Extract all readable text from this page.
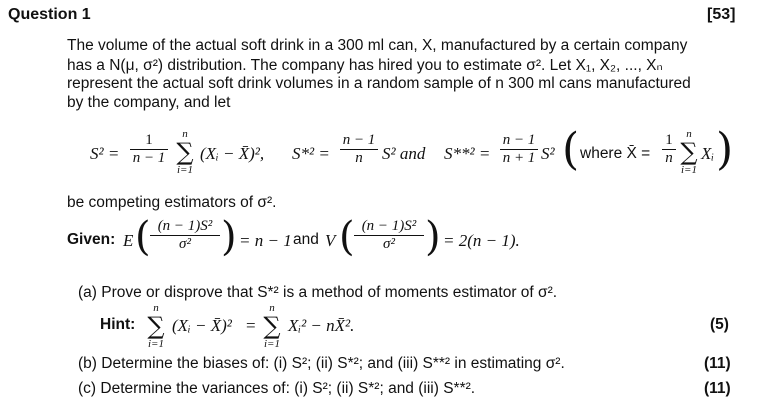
Question 1	[53]
The volume of the actual soft drink in a 300 ml can, X, manufactured by a certain company
has a N(μ, σ²) distribution. The company has hired you to estimate σ². Let X₁, X₂, ..., Xₙ
represent the actual soft drink volumes in a random sample of n 300 ml cans manufactured
by the company, and let
$S^2 = \frac{1}{n - 1}$	n
∑
i=1
(Xᵢ − X̄)², $S*^2 = \frac{n - 1}{n} S^2$ and $S**^2 = \frac{n - 1}{n + 1} S^2$ ( where X̄ = $\frac{1}{n}$ n
∑
i=1
Xᵢ )
be competing estimators of σ².
Given: E ( $\frac{\text{(n − 1)S²}}{\text{σ²}}$ ) = n − 1 and V ( $\frac{\text{(n − 1)S²}}{\text{σ²}}$ ) = 2(n − 1).
(a) Prove or disprove that S*² is a method of moments estimator of σ².
Hint:
n
∑
i=1
(Xᵢ − X̄)² =
n
∑
i=1
Xᵢ² − nX̄².	(5)
(b) Determine the biases of: (i) S²; (ii) S*²; and (iii) S**² in estimating σ².	(11)
(c) Determine the variances of: (i) S²; (ii) S*²; and (iii) S**².	(11)
